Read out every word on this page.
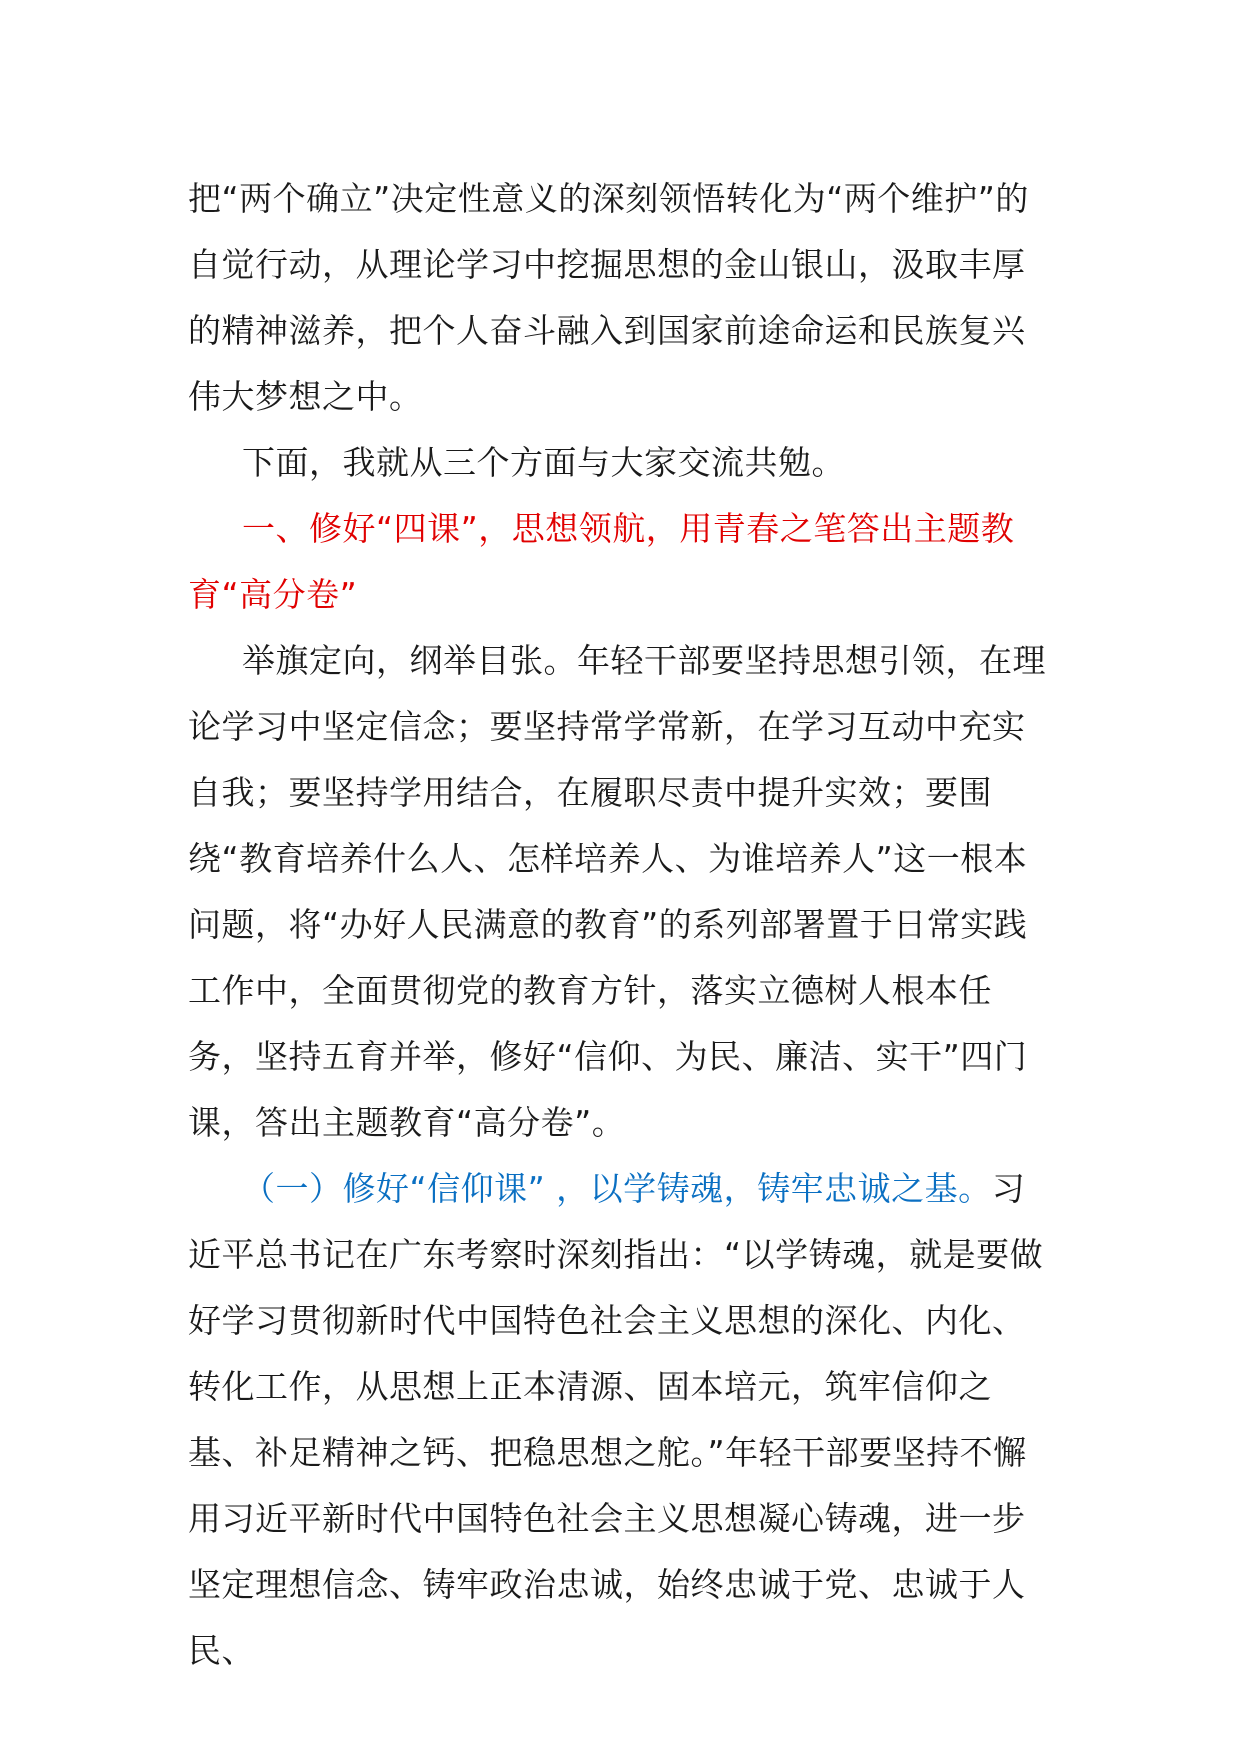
把“两个确立”决定性意义的深刻领悟转化为“两个维护”的自觉行动，从理论学习中挖掘思想的金山银山，汲取丰厚的精神滋养，把个人奋斗融入到国家前途命运和民族复兴伟大梦想之中。

下面，我就从三个方面与大家交流共勉。

一、修好“四课”，思想领航，用青春之笔答出主题教育“高分卷”

举旗定向，纲举目张。年轻干部要坚持思想引领，在理论学习中坚定信念；要坚持常学常新，在学习互动中充实自我；要坚持学用结合，在履职尽责中提升实效；要围绕“教育培养什么人、怎样培养人、为谁培养人”这一根本问题，将“办好人民满意的教育”的系列部署置于日常实践工作中，全面贯彻党的教育方针，落实立德树人根本任务，坚持五育并举，修好“信仰、为民、廉洁、实干”四门课，答出主题教育“高分卷”。

（一）修好“信仰课” ，以学铸魂，铸牢忠诚之基。习近平总书记在广东考察时深刻指出：“以学铸魂，就是要做好学习贯彻新时代中国特色社会主义思想的深化、内化、转化工作，从思想上正本清源、固本培元，筑牢信仰之基、补足精神之钙、把稳思想之舵。”年轻干部要坚持不懈用习近平新时代中国特色社会主义思想凝心铸魂，进一步坚定理想信念、铸牢政治忠诚，始终忠诚于党、忠诚于人民、
